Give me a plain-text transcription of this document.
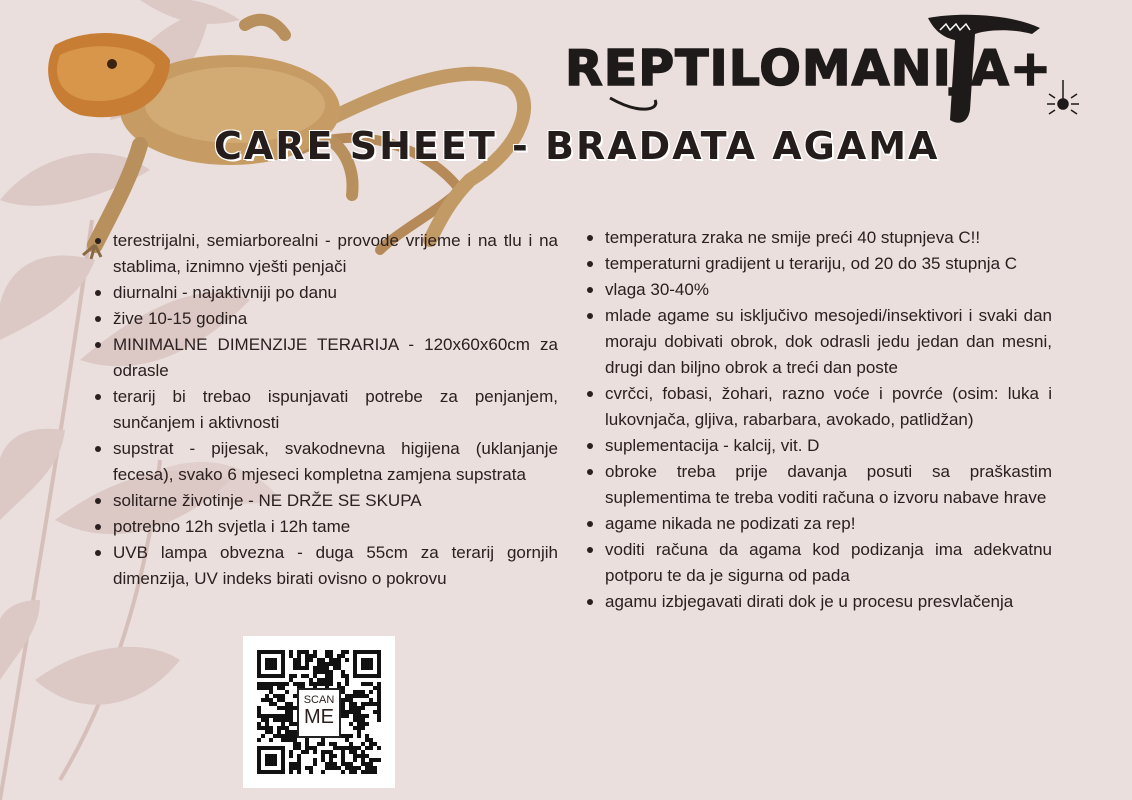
REPTILOMANIJA+
CARE SHEET - BRADATA AGAMA
terestrijalni, semiarborealni - provode vrijeme i na tlu i na stablima, iznimno vješti penjači
diurnalni - najaktivniji po danu
žive 10-15 godina
MINIMALNE DIMENZIJE TERARIJA - 120x60x60cm za odrasle
terarij bi trebao ispunjavati potrebe za penjanjem, sunčanjem i aktivnosti
supstrat - pijesak, svakodnevna higijena (uklanjanje fecesa), svako 6 mjeseci kompletna zamjena supstrata
solitarne životinje - NE DRŽE SE SKUPA
potrebno 12h svjetla i 12h tame
UVB lampa obvezna - duga 55cm za terarij gornjih dimenzija, UV indeks birati ovisno o pokrovu
temperatura zraka ne smije preći 40 stupnjeva C!!
temperaturni gradijent u terariju, od 20 do 35 stupnja C
vlaga 30-40%
mlade agame su isključivo mesojedi/insektivori i svaki dan moraju dobivati obrok, dok odrasli jedu jedan dan mesni, drugi dan biljno obrok a treći dan poste
cvrčci, fobasi, žohari, razno voće i povrće (osim: luka i lukovnjača, gljiva, rabarbara, avokado, patlidžan)
suplementacija - kalcij, vit. D
obroke treba prije davanja posuti sa praškastim suplementima te treba voditi računa o izvoru nabave hrave
agame nikada ne podizati za rep!
voditi računa da agama kod podizanja ima adekvatnu potporu te da je sigurna od pada
agamu izbjegavati dirati dok je u procesu presvlačenja
SCAN
ME
